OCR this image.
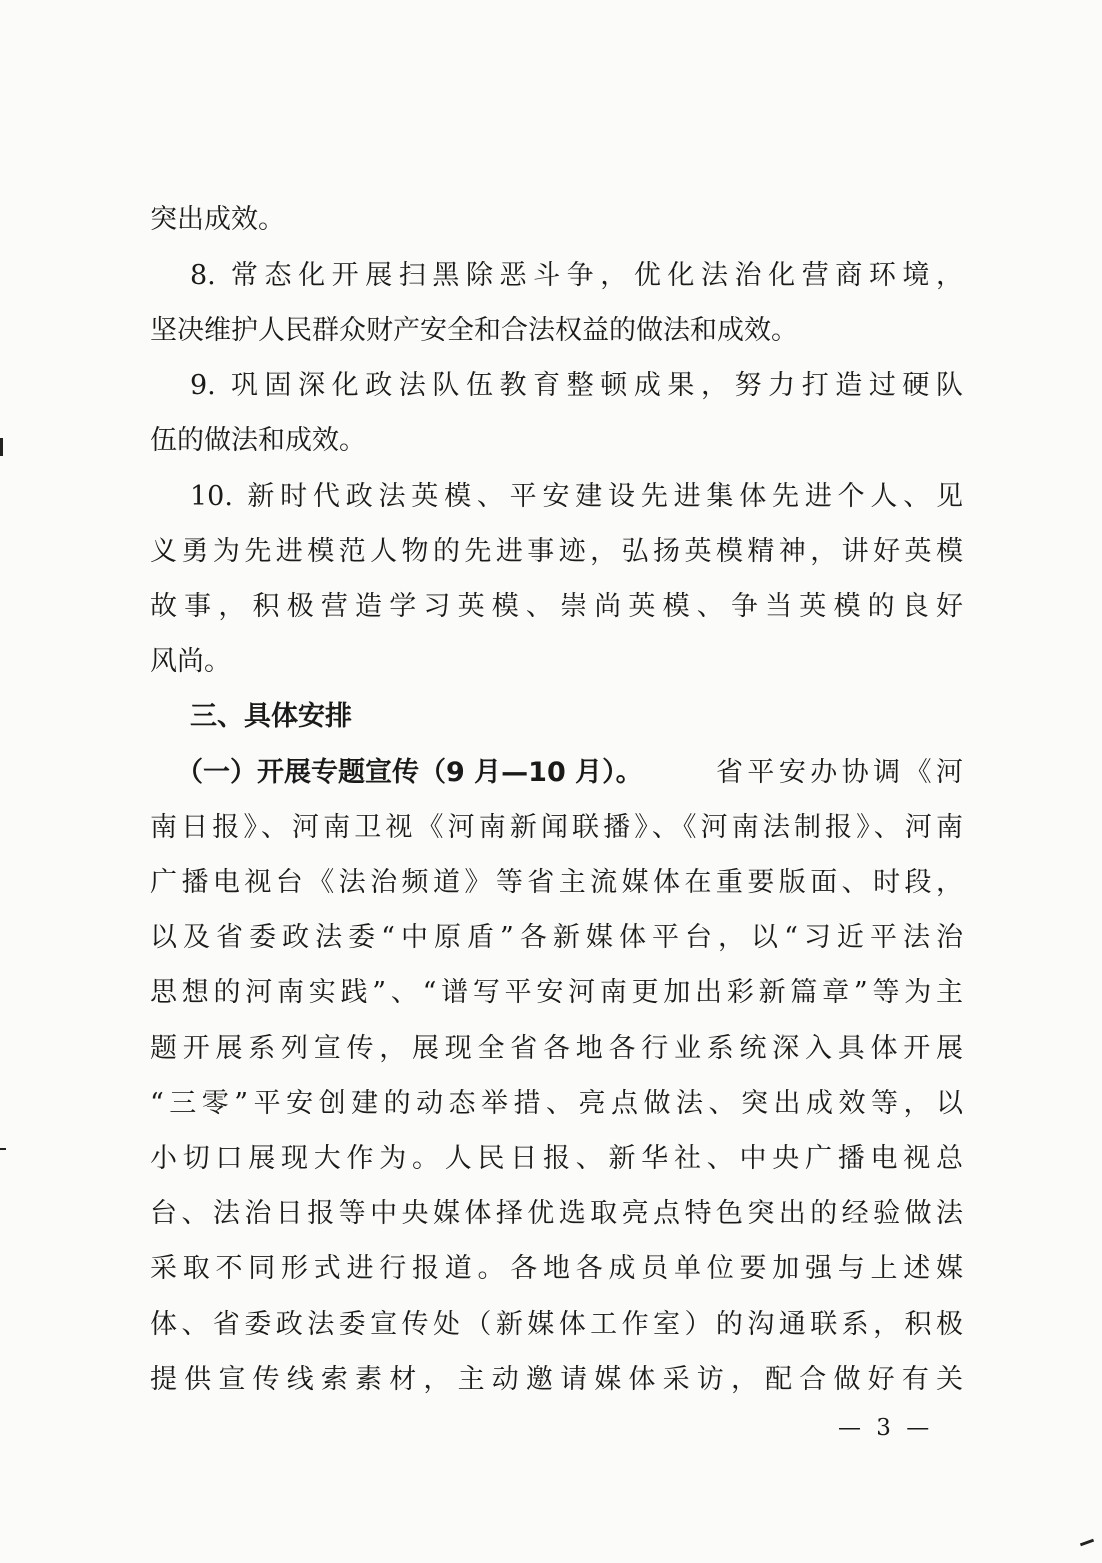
突出成效。
8. 常态化开展扫黑除恶斗争，优化法治化营商环境，
坚决维护人民群众财产安全和合法权益的做法和成效。
9. 巩固深化政法队伍教育整顿成果，努力打造过硬队
伍的做法和成效。
10. 新时代政法英模、平安建设先进集体先进个人、见
义勇为先进模范人物的先进事迹，弘扬英模精神，讲好英模
故事，积极营造学习英模、崇尚英模、争当英模的良好
风尚。
三、具体安排
（一）开展专题宣传（9 月—10 月）。	省平安办协调《河
南日报》、河南卫视《河南新闻联播》、《河南法制报》、河南
广播电视台《法治频道》等省主流媒体在重要版面、时段，
以及省委政法委“中原盾”各新媒体平台，以“习近平法治
思想的河南实践”、“谱写平安河南更加出彩新篇章”等为主
题开展系列宣传，展现全省各地各行业系统深入具体开展
“三零”平安创建的动态举措、亮点做法、突出成效等，以
小切口展现大作为。人民日报、新华社、中央广播电视总
台、法治日报等中央媒体择优选取亮点特色突出的经验做法
采取不同形式进行报道。各地各成员单位要加强与上述媒
体、省委政法委宣传处（新媒体工作室）的沟通联系，积极
提供宣传线索素材，主动邀请媒体采访，配合做好有关
— 3 —
